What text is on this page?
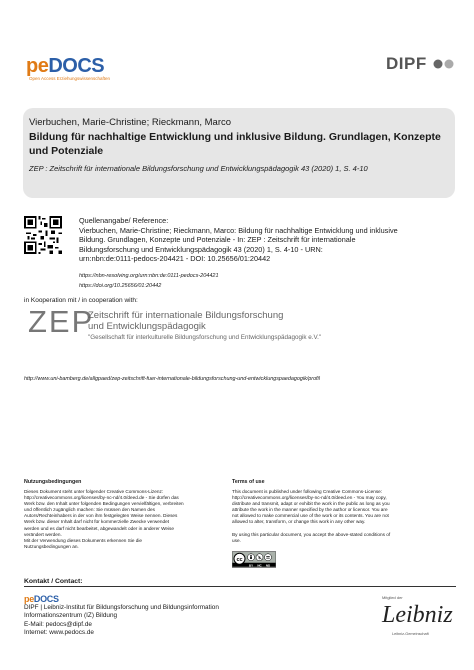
peDOCS
Open Access Erziehungswissenschaften
DIPF
Vierbuchen, Marie-Christine; Rieckmann, Marco
Bildung für nachhaltige Entwicklung und inklusive Bildung. Grundlagen, Konzepte und Potenziale
ZEP : Zeitschrift für internationale Bildungsforschung und Entwicklungspädagogik 43 (2020) 1, S. 4-10
Quellenangabe/ Reference:
Vierbuchen, Marie-Christine; Rieckmann, Marco: Bildung für nachhaltige Entwicklung und inklusive
Bildung. Grundlagen, Konzepte und Potenziale - In: ZEP : Zeitschrift für internationale
Bildungsforschung und Entwicklungspädagogik 43 (2020) 1, S. 4-10 - URN:
urn:nbn:de:0111-pedocs-204421 - DOI: 10.25656/01:20442
https://nbn-resolving.org/urn:nbn:de:0111-pedocs-204421
https://doi.org/10.25656/01:20442
in Kooperation mit / in cooperation with:
ZEP
Zeitschrift für internationale Bildungsforschung
und Entwicklungspädagogik
"Gesellschaft für interkulturelle Bildungsforschung und Entwicklungspädagogik e.V."
http://www.uni-bamberg.de/allgpaed/zep-zeitschrift-fuer-internationale-bildungsforschung-und-entwicklungspaedagogik/profil
Nutzungsbedingungen
Dieses Dokument steht unter folgender Creative Commons-Lizenz:
http://creativecommons.org/licenses/by-nc-nd/4.0/deed.de - Sie dürfen das
Werk bzw. den Inhalt unter folgenden Bedingungen vervielfältigen, verbreiten
und öffentlich zugänglich machen: Sie müssen den Namen des
Autors/Rechteinhabers in der von ihm festgelegten Weise nennen. Dieses
Werk bzw. dieser Inhalt darf nicht für kommerzielle Zwecke verwendet
werden und es darf nicht bearbeitet, abgewandelt oder in anderer Weise
verändert werden.
Mit der Verwendung dieses Dokuments erkennen Sie die
Nutzungsbedingungen an.
Terms of use
This document is published under following Creative Commons-License:
http://creativecommons.org/licenses/by-nc-nd/4.0/deed.en - You may copy,
distribute and transmit, adapt or exhibit the work in the public as long as you
attribute the work in the manner specified by the author or licensor. You are
not allowed to make commercial use of the work or its contents. You are not
allowed to alter, transform, or change this work in any other way.
By using this particular document, you accept the above-stated conditions of
use.
cc
BY NC ND
Kontakt / Contact:
peDOCS
DIPF | Leibniz-Institut für Bildungsforschung und Bildungsinformation
Informationszentrum (IZ) Bildung
E-Mail: pedocs@dipf.de
Internet: www.pedocs.de
Mitglied der
Leibniz
Leibniz-Gemeinschaft
